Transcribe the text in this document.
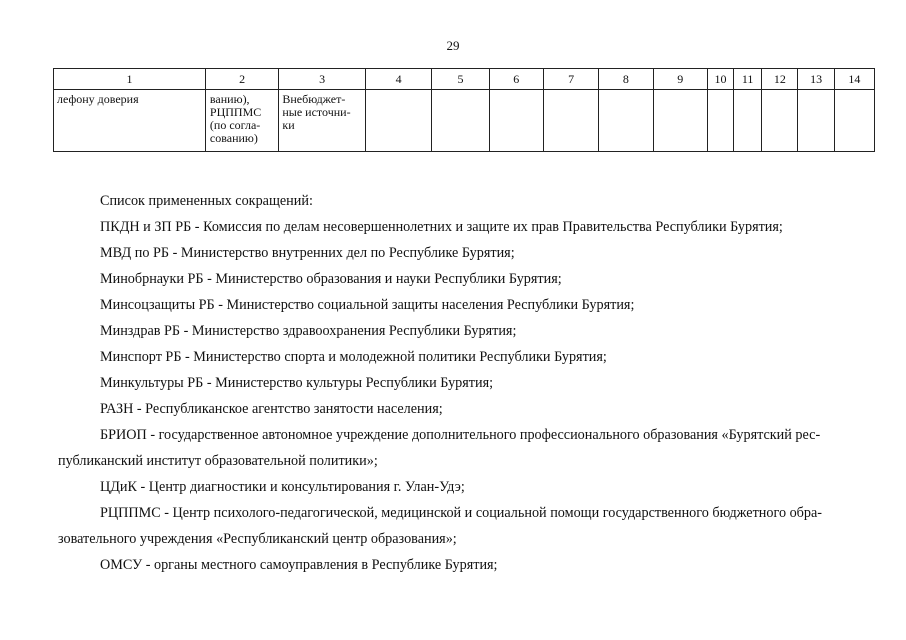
29
1	2	3	4	5	6	7	8	9	10	11	12	13	14

лефону доверия	ванию),
РЦППМС
(по согла-
сованию)	Внебюджет-
ные источни-
ки											

Список примененных сокращений:

ПКДН и ЗП РБ - Комиссия по делам несовершеннолетних и защите их прав Правительства Республики Бурятия;

МВД по РБ - Министерство внутренних дел по Республике Бурятия;

Минобрнауки РБ - Министерство образования и науки Республики Бурятия;

Минсоцзащиты РБ - Министерство социальной защиты населения Республики Бурятия;

Минздрав РБ - Министерство здравоохранения Республики Бурятия;

Минспорт РБ - Министерство спорта и молодежной политики Республики Бурятия;

Минкультуры РБ - Министерство культуры Республики Бурятия;

РАЗН - Республиканское агентство занятости населения;

БРИОП - государственное автономное учреждение дополнительного профессионального образования «Бурятский рес-

публиканский институт образовательной политики»;

ЦДиК - Центр диагностики и консультирования г. Улан-Удэ;

РЦППМС - Центр психолого-педагогической, медицинской и социальной помощи государственного бюджетного обра-

зовательного учреждения «Республиканский центр образования»;

ОМСУ - органы местного самоуправления в Республике Бурятия;
